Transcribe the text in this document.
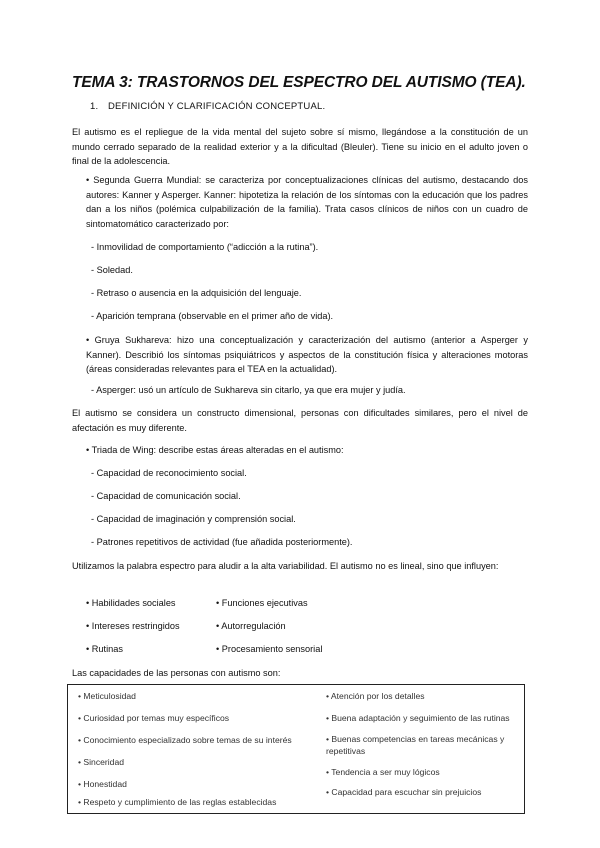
TEMA 3: TRASTORNOS DEL ESPECTRO DEL AUTISMO (TEA).
1. DEFINICIÓN Y CLARIFICACIÓN CONCEPTUAL.
El autismo es el repliegue de la vida mental del sujeto sobre sí mismo, llegándose a la constitución de un mundo cerrado separado de la realidad exterior y a la dificultad (Bleuler). Tiene su inicio en el adulto joven o final de la adolescencia.
• Segunda Guerra Mundial: se caracteriza por conceptualizaciones clínicas del autismo, destacando dos autores: Kanner y Asperger. Kanner: hipotetiza la relación de los síntomas con la educación que los padres dan a los niños (polémica culpabilización de la familia). Trata casos clínicos de niños con un cuadro de sintomatomático caracterizado por:
- Inmovilidad de comportamiento (“adicción a la rutina”).
- Soledad.
- Retraso o ausencia en la adquisición del lenguaje.
- Aparición temprana (observable en el primer año de vida).
• Gruya Sukhareva: hizo una conceptualización y caracterización del autismo (anterior a Asperger y Kanner). Describió los síntomas psiquiátricos y aspectos de la constitución física y alteraciones motoras (áreas consideradas relevantes para el TEA en la actualidad).
- Asperger: usó un artículo de Sukhareva sin citarlo, ya que era mujer y judía.
El autismo se considera un constructo dimensional, personas con dificultades similares, pero el nivel de afectación es muy diferente.
• Triada de Wing: describe estas áreas alteradas en el autismo:
- Capacidad de reconocimiento social.
- Capacidad de comunicación social.
- Capacidad de imaginación y comprensión social.
- Patrones repetitivos de actividad (fue añadida posteriormente).
Utilizamos la palabra espectro para aludir a la alta variabilidad. El autismo no es lineal, sino que influyen:
• Habilidades sociales	• Funciones ejecutivas
• Intereses restringidos	• Autorregulación
• Rutinas	• Procesamiento sensorial
Las capacidades de las personas con autismo son:
• Meticulosidad
• Curiosidad por temas muy específicos
• Conocimiento especializado sobre temas de su interés
• Sinceridad
• Honestidad
• Respeto y cumplimiento de las reglas establecidas
• Atención por los detalles
• Buena adaptación y seguimiento de las rutinas
• Buenas competencias en tareas mecánicas y repetitivas
• Tendencia a ser muy lógicos
• Capacidad para escuchar sin prejuicios
